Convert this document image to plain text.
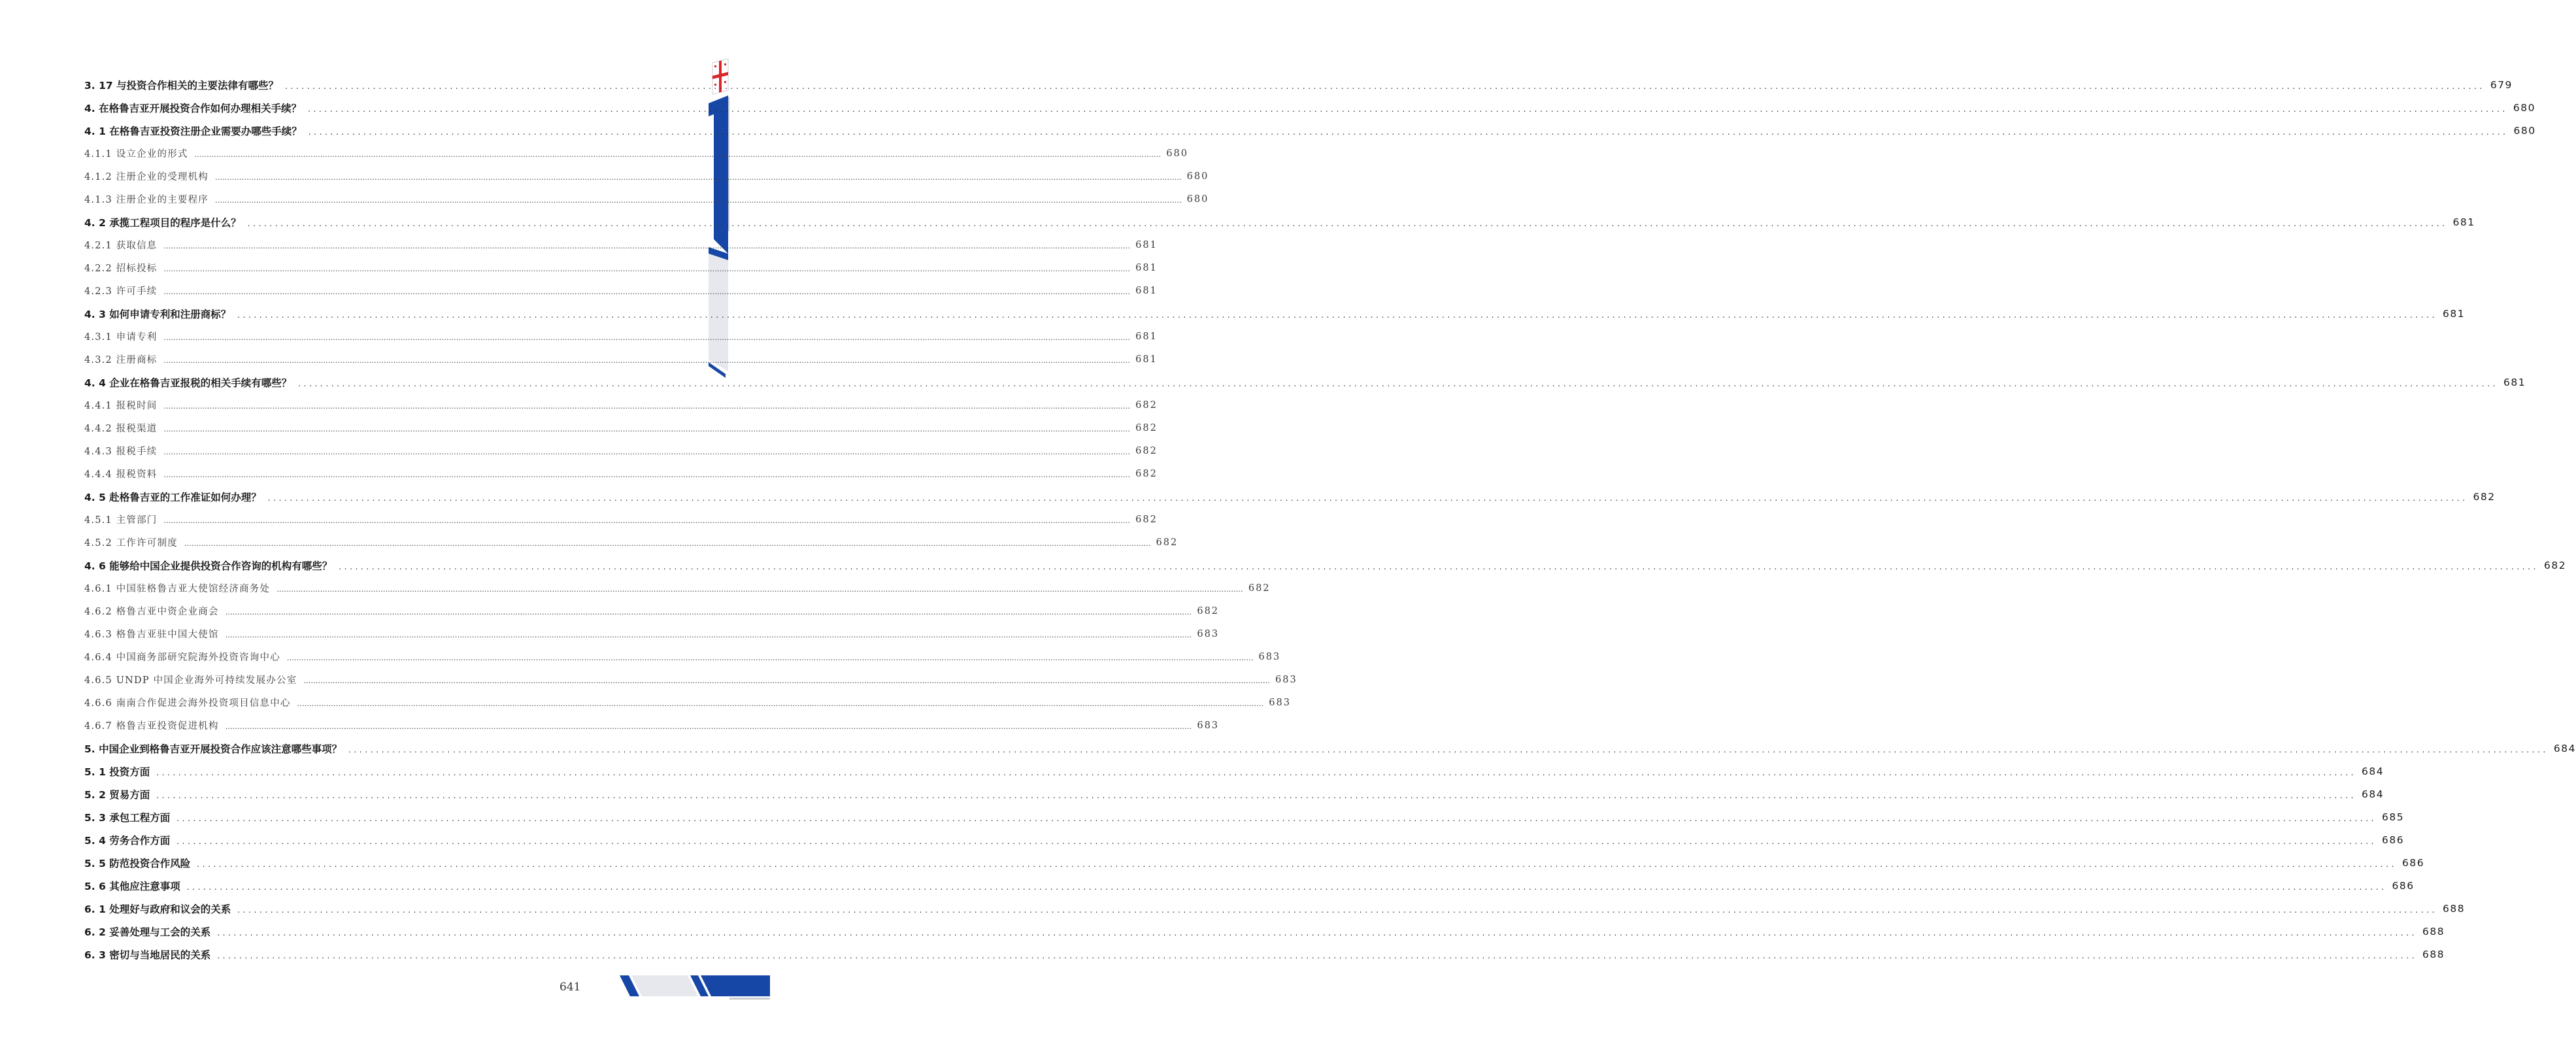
3. 17 与投资合作相关的主要法律有哪些？ ................................................................................................................................................................................................................................................................................................................................................................................................................ 679
4. 在格鲁吉亚开展投资合作如何办理相关手续？ ................................................................................................................................................................................................................................................................................................................................................................................................................ 680
4. 1 在格鲁吉亚投资注册企业需要办哪些手续？ ................................................................................................................................................................................................................................................................................................................................................................................................................ 680
4.1.1 设立企业的形式 ................................................................................................................................................................................................................................................................................................................................................................................................................ 680
4.1.2 注册企业的受理机构 ................................................................................................................................................................................................................................................................................................................................................................................................................ 680
4.1.3 注册企业的主要程序 ................................................................................................................................................................................................................................................................................................................................................................................................................ 680
4. 2 承揽工程项目的程序是什么？ ................................................................................................................................................................................................................................................................................................................................................................................................................ 681
4.2.1 获取信息 ................................................................................................................................................................................................................................................................................................................................................................................................................ 681
4.2.2 招标投标 ................................................................................................................................................................................................................................................................................................................................................................................................................ 681
4.2.3 许可手续 ................................................................................................................................................................................................................................................................................................................................................................................................................ 681
4. 3 如何申请专利和注册商标？ ................................................................................................................................................................................................................................................................................................................................................................................................................ 681
4.3.1 申请专利 ................................................................................................................................................................................................................................................................................................................................................................................................................ 681
4.3.2 注册商标 ................................................................................................................................................................................................................................................................................................................................................................................................................ 681
4. 4 企业在格鲁吉亚报税的相关手续有哪些？ ................................................................................................................................................................................................................................................................................................................................................................................................................ 681
4.4.1 报税时间 ................................................................................................................................................................................................................................................................................................................................................................................................................ 682
4.4.2 报税渠道 ................................................................................................................................................................................................................................................................................................................................................................................................................ 682
4.4.3 报税手续 ................................................................................................................................................................................................................................................................................................................................................................................................................ 682
4.4.4 报税资料 ................................................................................................................................................................................................................................................................................................................................................................................................................ 682
4. 5 赴格鲁吉亚的工作准证如何办理？ ................................................................................................................................................................................................................................................................................................................................................................................................................ 682
4.5.1 主管部门 ................................................................................................................................................................................................................................................................................................................................................................................................................ 682
4.5.2 工作许可制度 ................................................................................................................................................................................................................................................................................................................................................................................................................ 682
4. 6 能够给中国企业提供投资合作咨询的机构有哪些？ ................................................................................................................................................................................................................................................................................................................................................................................................................ 682
4.6.1 中国驻格鲁吉亚大使馆经济商务处 ................................................................................................................................................................................................................................................................................................................................................................................................................ 682
4.6.2 格鲁吉亚中资企业商会 ................................................................................................................................................................................................................................................................................................................................................................................................................ 682
4.6.3 格鲁吉亚驻中国大使馆 ................................................................................................................................................................................................................................................................................................................................................................................................................ 683
4.6.4 中国商务部研究院海外投资咨询中心 ................................................................................................................................................................................................................................................................................................................................................................................................................ 683
4.6.5 UNDP 中国企业海外可持续发展办公室 ................................................................................................................................................................................................................................................................................................................................................................................................................ 683
4.6.6 南南合作促进会海外投资项目信息中心 ................................................................................................................................................................................................................................................................................................................................................................................................................ 683
4.6.7 格鲁吉亚投资促进机构 ................................................................................................................................................................................................................................................................................................................................................................................................................ 683
5. 中国企业到格鲁吉亚开展投资合作应该注意哪些事项？ ................................................................................................................................................................................................................................................................................................................................................................................................................ 684
5. 1 投资方面 ................................................................................................................................................................................................................................................................................................................................................................................................................ 684
5. 2 贸易方面 ................................................................................................................................................................................................................................................................................................................................................................................................................ 684
5. 3 承包工程方面 ................................................................................................................................................................................................................................................................................................................................................................................................................ 685
5. 4 劳务合作方面 ................................................................................................................................................................................................................................................................................................................................................................................................................ 686
5. 5 防范投资合作风险 ................................................................................................................................................................................................................................................................................................................................................................................................................ 686
5. 6 其他应注意事项 ................................................................................................................................................................................................................................................................................................................................................................................................................ 686
6. 1 处理好与政府和议会的关系 ................................................................................................................................................................................................................................................................................................................................................................................................................ 688
6. 2 妥善处理与工会的关系 ................................................................................................................................................................................................................................................................................................................................................................................................................ 688
6. 3 密切与当地居民的关系 ................................................................................................................................................................................................................................................................................................................................................................................................................ 688
641
